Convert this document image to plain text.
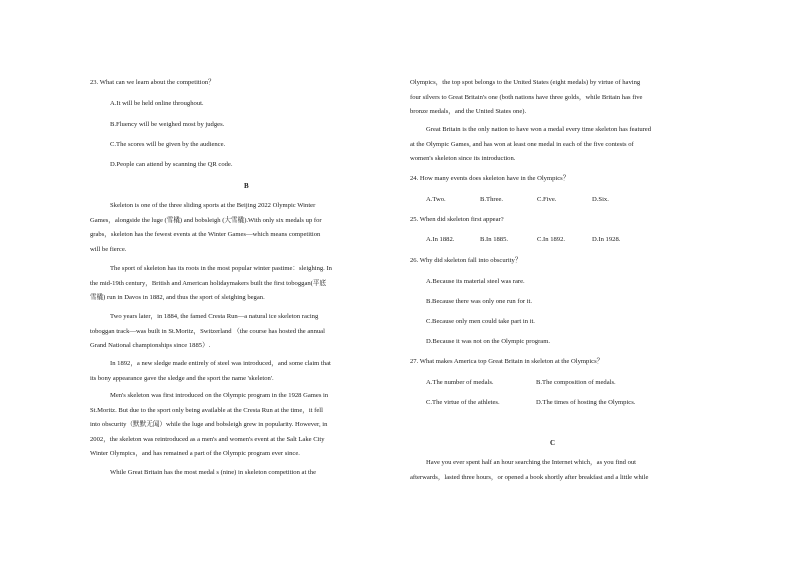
23. What can we learn about the competition？
A.It will be held online throughout.
B.Fluency will be weighed most by judges.
C.The scores will be given by the audience.
D.People can attend by scanning the QR code.
B
Skeleton is one of the three sliding sports at the Beijing 2022 Olympic Winter
Games，alongside the luge (雪橇) and bobsleigh (大雪橇).With only six medals up for
grabs，skeleton has the fewest events at the Winter Games—which means competition
will be fierce.
The sport of skeleton has its roots in the most popular winter pastime：sleighing. In
the mid-19th century，British and American holidaymakers built the first toboggan(平底
雪橇) run in Davos in 1882, and thus the sport of sleighing began.
Two years later，in 1884, the famed Cresta Run—a natural ice skeleton racing
toboggan track—was built in St.Moritz，Switzerland （the course has hosted the annual
Grand National championships since 1885）.
In 1892，a new sledge made entirely of steel was introduced，and some claim that
its bony appearance gave the sledge and the sport the name 'skeleton'.
Men's skeleton was first introduced on the Olympic program in the 1928 Games in
St.Moritz. But due to the sport only being available at the Cresta Run at the time，it fell
into obscurity（默默无闻）while the luge and bobsleigh grew in popularity. However, in
2002，the skeleton was reintroduced as a men's and women's event at the Salt Lake City
Winter Olympics，and has remained a part of the Olympic program ever since.
While Great Britain has the most medal s (nine) in skeleton competition at the
Olympics，the top spot belongs to the United States (eight medals) by virtue of having
four silvers to Great Britain's one (both nations have three golds，while Britain has five
bronze medals，and the United States one).
Great Britain is the only nation to have won a medal every time skeleton has featured
at the Olympic Games, and has won at least one medal in each of the five contests of
women's skeleton since its introduction.
24. How many events does skeleton have in the Olympics？
A.Two.	B.Three.	C.Five.	D.Six.
25. When did skeleton first appear?
A.In 1882.	B.In 1885.	C.In 1892.	D.In 1928.
26. Why did skeleton fall into obscurity？
A.Because its material steel was rare.
B.Because there was only one run for it.
C.Because only men could take part in it.
D.Because it was not on the Olympic program.
27. What makes America top Great Britain in skeleton at the Olympics？
A.The number of medals.	B.The composition of medals.
C.The virtue of the athletes.	D.The times of hosting the Olympics.
C
Have you ever spent half an hour searching the Internet which，as you find out
afterwards，lasted three hours，or opened a book shortly after breakfast and a little while
